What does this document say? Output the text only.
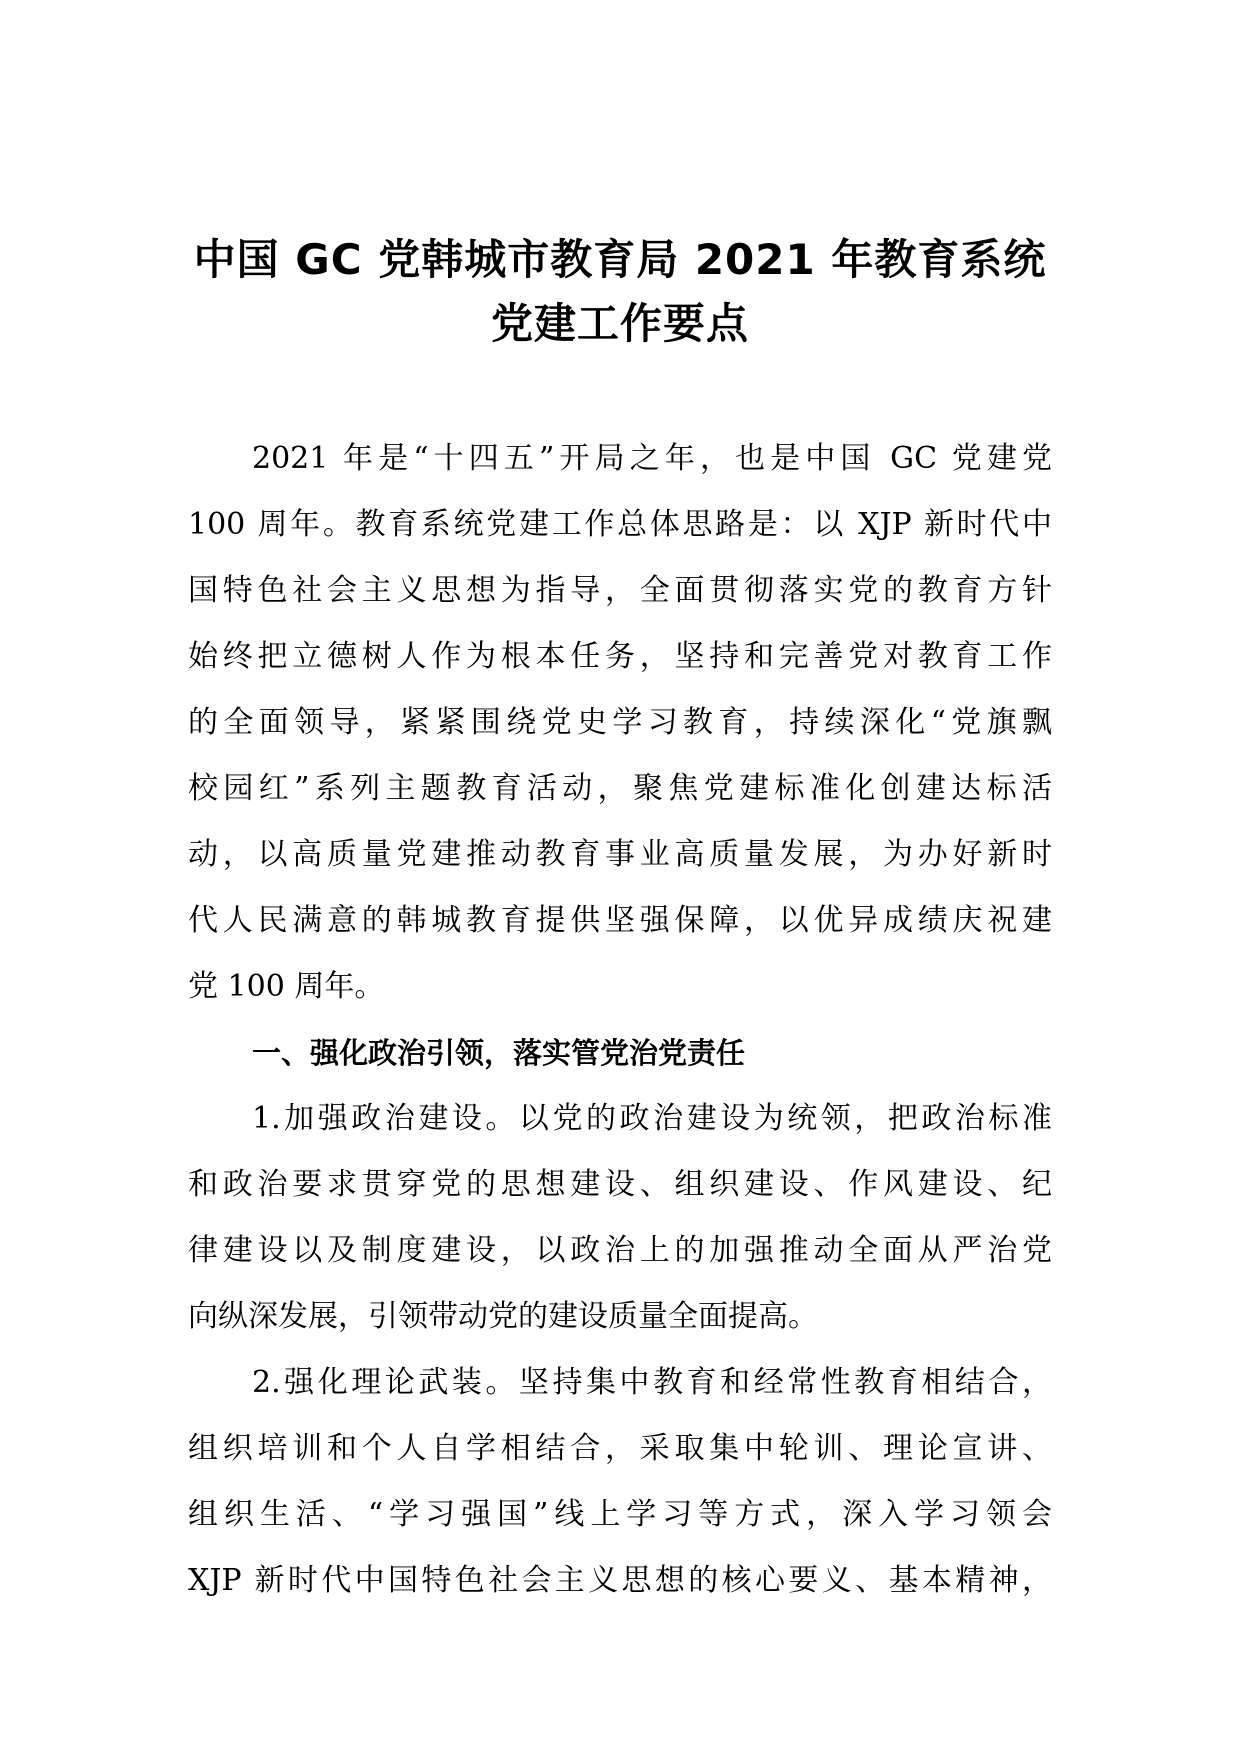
中国 GC 党韩城市教育局 2021 年教育系统
党建工作要点
2021 年是“十四五”开局之年，也是中国 GC 党建党
100 周年。教育系统党建工作总体思路是：以 XJP 新时代中
国特色社会主义思想为指导，全面贯彻落实党的教育方针
始终把立德树人作为根本任务，坚持和完善党对教育工作
的全面领导，紧紧围绕党史学习教育，持续深化“党旗飘
校园红”系列主题教育活动，聚焦党建标准化创建达标活
动，以高质量党建推动教育事业高质量发展，为办好新时
代人民满意的韩城教育提供坚强保障，以优异成绩庆祝建
党 100 周年。
一、强化政治引领，落实管党治党责任
1.加强政治建设。以党的政治建设为统领，把政治标准
和政治要求贯穿党的思想建设、组织建设、作风建设、纪
律建设以及制度建设，以政治上的加强推动全面从严治党
向纵深发展，引领带动党的建设质量全面提高。
2.强化理论武装。坚持集中教育和经常性教育相结合，
组织培训和个人自学相结合，采取集中轮训、理论宣讲、
组织生活、“学习强国”线上学习等方式，深入学习领会
XJP 新时代中国特色社会主义思想的核心要义、基本精神，
